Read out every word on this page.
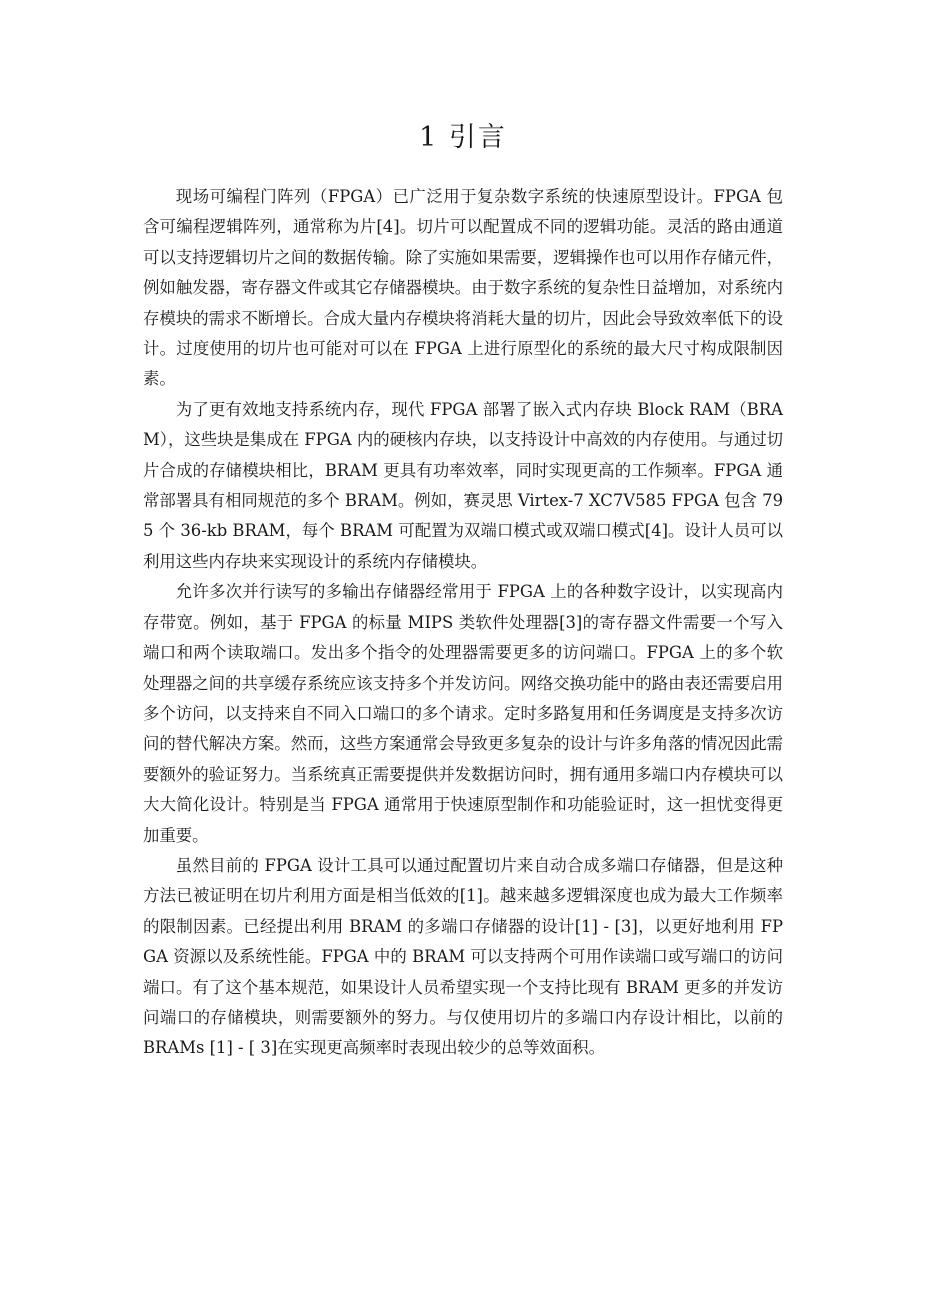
1 引言

现场可编程门阵列（FPGA）已广泛用于复杂数字系统的快速原型设计。FPGA 包含可编程逻辑阵列，通常称为片[4]。切片可以配置成不同的逻辑功能。灵活的路由通道可以支持逻辑切片之间的数据传输。除了实施如果需要，逻辑操作也可以用作存储元件，例如触发器，寄存器文件或其它存储器模块。由于数字系统的复杂性日益增加，对系统内存模块的需求不断增长。合成大量内存模块将消耗大量的切片，因此会导致效率低下的设计。过度使用的切片也可能对可以在 FPGA 上进行原型化的系统的最大尺寸构成限制因素。

为了更有效地支持系统内存，现代 FPGA 部署了嵌入式内存块 Block RAM（BRAM），这些块是集成在 FPGA 内的硬核内存块，以支持设计中高效的内存使用。与通过切片合成的存储模块相比，BRAM 更具有功率效率，同时实现更高的工作频率。FPGA 通常部署具有相同规范的多个 BRAM。例如，赛灵思 Virtex-7 XC7V585 FPGA 包含 795 个 36-kb BRAM，每个 BRAM 可配置为双端口模式或双端口模式[4]。设计人员可以利用这些内存块来实现设计的系统内存储模块。

允许多次并行读写的多输出存储器经常用于 FPGA 上的各种数字设计，以实现高内存带宽。例如，基于 FPGA 的标量 MIPS 类软件处理器[3]的寄存器文件需要一个写入端口和两个读取端口。发出多个指令的处理器需要更多的访问端口。FPGA 上的多个软处理器之间的共享缓存系统应该支持多个并发访问。网络交换功能中的路由表还需要启用多个访问，以支持来自不同入口端口的多个请求。定时多路复用和任务调度是支持多次访问的替代解决方案。然而，这些方案通常会导致更多复杂的设计与许多角落的情况因此需要额外的验证努力。当系统真正需要提供并发数据访问时，拥有通用多端口内存模块可以大大简化设计。特别是当 FPGA 通常用于快速原型制作和功能验证时，这一担忧变得更加重要。

虽然目前的 FPGA 设计工具可以通过配置切片来自动合成多端口存储器，但是这种方法已被证明在切片利用方面是相当低效的[1]。越来越多逻辑深度也成为最大工作频率的限制因素。已经提出利用 BRAM 的多端口存储器的设计[1] - [3]，以更好地利用 FPGA 资源以及系统性能。FPGA 中的 BRAM 可以支持两个可用作读端口或写端口的访问端口。有了这个基本规范，如果设计人员希望实现一个支持比现有 BRAM 更多的并发访问端口的存储模块，则需要额外的努力。与仅使用切片的多端口内存设计相比，以前的 BRAMs [1] - [ 3]在实现更高频率时表现出较少的总等效面积。
